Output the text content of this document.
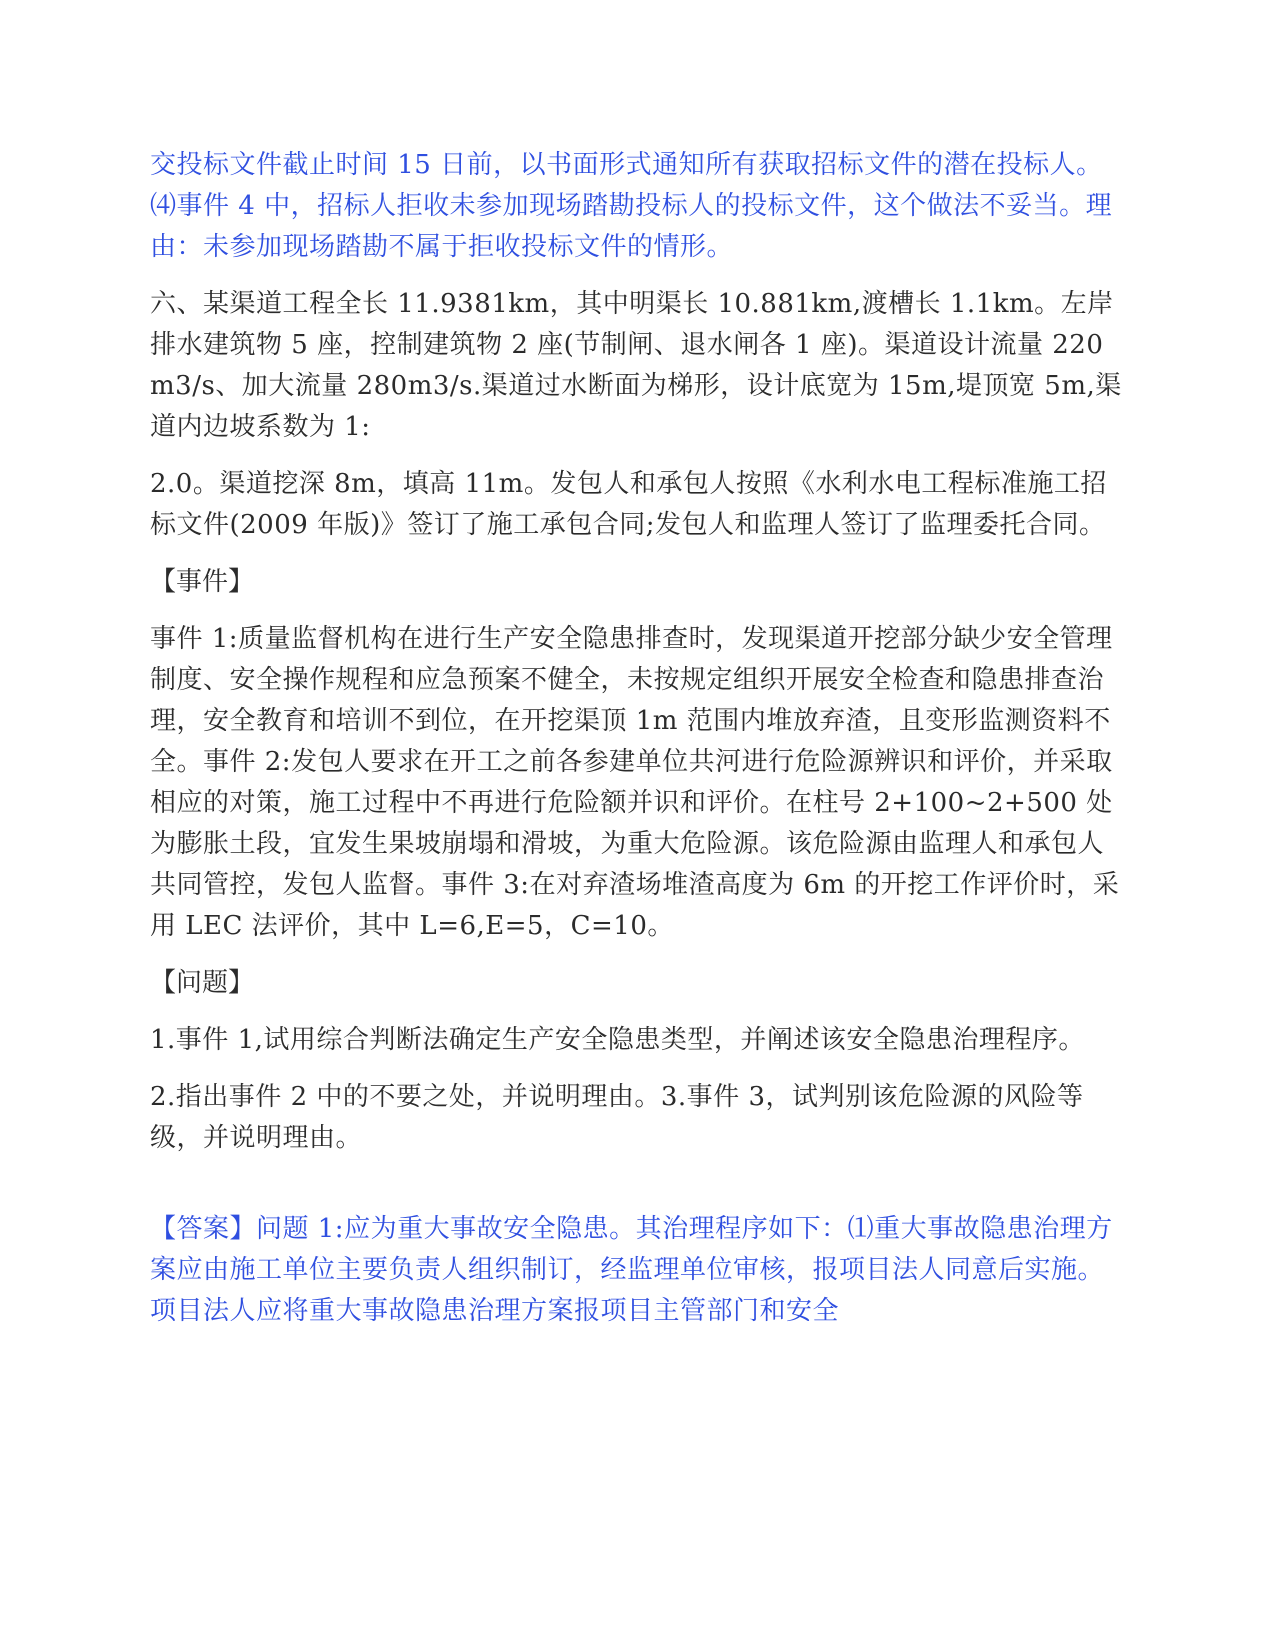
交投标文件截止时间 15 日前，以书面形式通知所有获取招标文件的潜在投标人。⑷事件 4 中，招标人拒收未参加现场踏勘投标人的投标文件，这个做法不妥当。理由：未参加现场踏勘不属于拒收投标文件的情形。

六、某渠道工程全长 11.9381km，其中明渠长 10.881km,渡槽长 1.1km。左岸排水建筑物 5 座，控制建筑物 2 座(节制闸、退水闸各 1 座)。渠道设计流量 220m3/s、加大流量 280m3/s.渠道过水断面为梯形，设计底宽为 15m,堤顶宽 5m,渠道内边坡系数为 1:

2.0。渠道挖深 8m，填高 11m。发包人和承包人按照《水利水电工程标准施工招标文件(2009 年版)》签订了施工承包合同;发包人和监理人签订了监理委托合同。

【事件】

事件 1:质量监督机构在进行生产安全隐患排查时，发现渠道开挖部分缺少安全管理制度、安全操作规程和应急预案不健全，未按规定组织开展安全检查和隐患排查治理，安全教育和培训不到位，在开挖渠顶 1m 范围内堆放弃渣，且变形监测资料不全。事件 2:发包人要求在开工之前各参建单位共河进行危险源辨识和评价，并采取相应的对策，施工过程中不再进行危险额并识和评价。在柱号 2+100~2+500 处为膨胀土段，宜发生果坡崩塌和滑坡，为重大危险源。该危险源由监理人和承包人共同管控，发包人监督。事件 3:在对弃渣场堆渣高度为 6m 的开挖工作评价时，采用 LEC 法评价，其中 L=6,E=5，C=10。

【问题】

1.事件 1,试用综合判断法确定生产安全隐患类型，并阐述该安全隐患治理程序。

2.指出事件 2 中的不要之处，并说明理由。3.事件 3，试判别该危险源的风险等级，并说明理由。

【答案】问题 1:应为重大事故安全隐患。其治理程序如下：⑴重大事故隐患治理方案应由施工单位主要负责人组织制订，经监理单位审核，报项目法人同意后实施。项目法人应将重大事故隐患治理方案报项目主管部门和安全
